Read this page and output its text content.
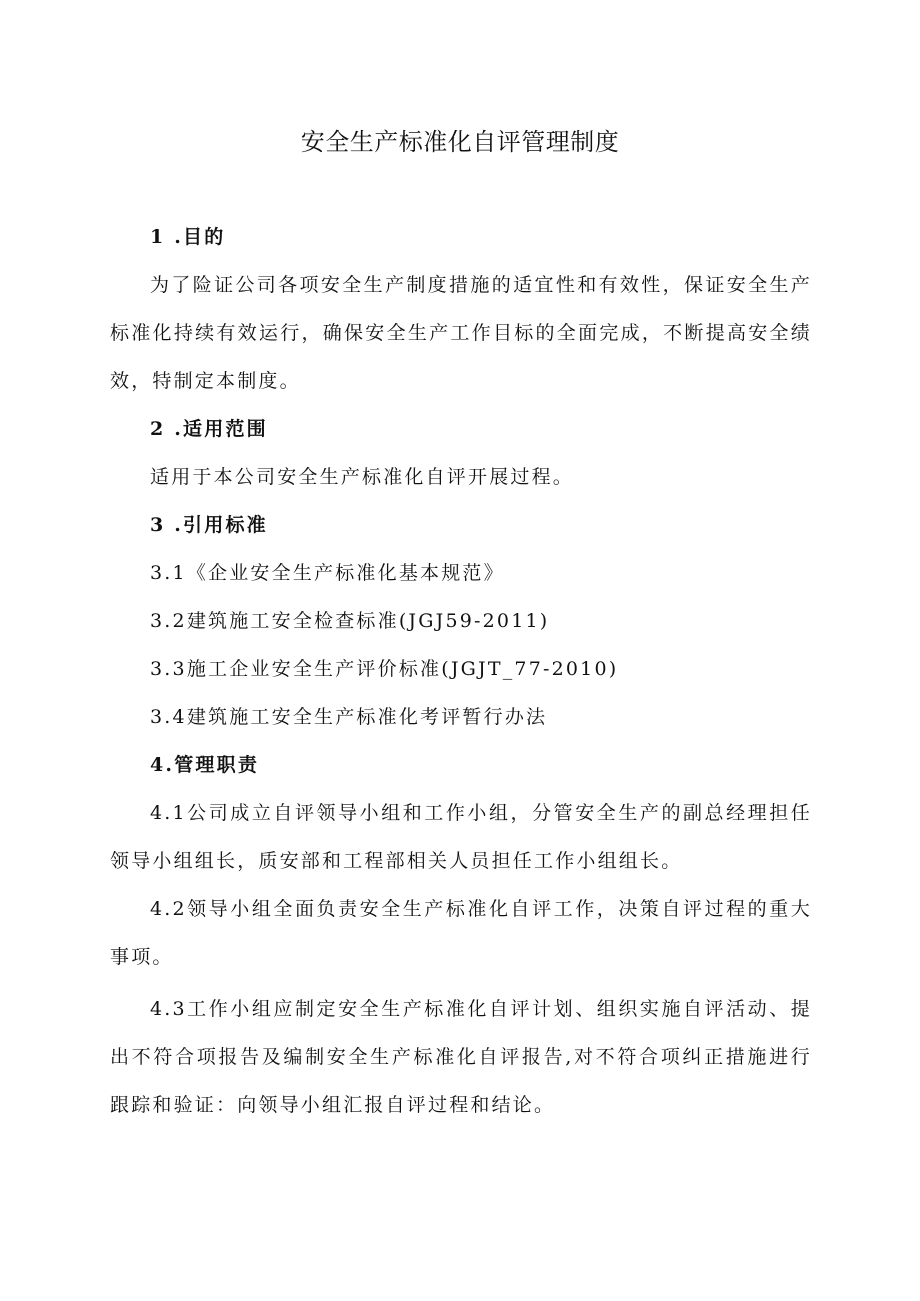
安全生产标准化自评管理制度

1 .目的

为了险证公司各项安全生产制度措施的适宜性和有效性，保证安全生产标准化持续有效运行，确保安全生产工作目标的全面完成，不断提高安全绩效，特制定本制度。

2 .适用范围

适用于本公司安全生产标准化自评开展过程。

3 .引用标准

3.1《企业安全生产标准化基本规范》

3.2建筑施工安全检查标准(JGJ59-2011)

3.3施工企业安全生产评价标准(JGJT_77-2010)

3.4建筑施工安全生产标准化考评暂行办法

4.管理职责

4.1公司成立自评领导小组和工作小组，分管安全生产的副总经理担任领导小组组长，质安部和工程部相关人员担任工作小组组长。

4.2领导小组全面负责安全生产标准化自评工作，决策自评过程的重大事项。

4.3工作小组应制定安全生产标准化自评计划、组织实施自评活动、提出不符合项报告及编制安全生产标准化自评报告,对不符合项纠正措施进行跟踪和验证：向领导小组汇报自评过程和结论。
